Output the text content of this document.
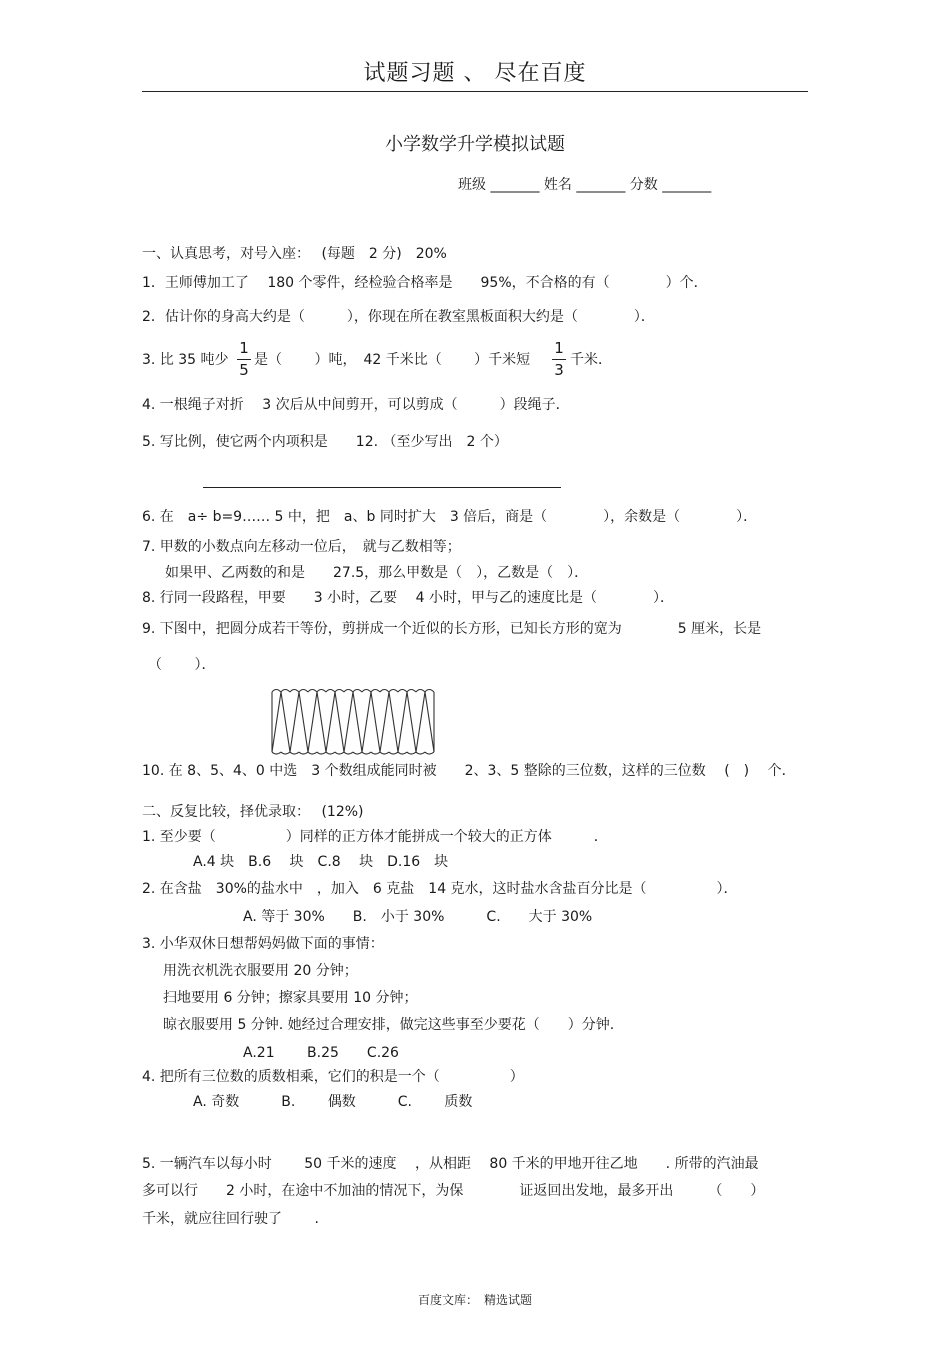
试题习题 、 尽在百度
小学数学升学模拟试题
班级 _______ 姓名 _______ 分数 _______
一、认真思考，对号入座：　 (每题　2 分)　20%
1．王师傅加工了　 180 个零件，经检验合格率是　　95%，不合格的有（　　　　）个．
2．估计你的身高大约是（　　　），你现在所在教室黑板面积大约是（　　　　）．
3. 比 35 吨少
1
5
是（　　 ）吨，　42 千米比（　　 ）千米短
1
3
千米．
4. 一根绳子对折　 3 次后从中间剪开，可以剪成（　　　）段绳子．
5. 写比例，使它两个内项积是　　12. （至少写出　2 个）
6. 在　a÷ b=9…… 5 中，把　a、b 同时扩大　3 倍后，商是（　　　　），余数是（　　　　）．
7. 甲数的小数点向左移动一位后，　就与乙数相等；
如果甲、乙两数的和是　　27.5，那么甲数是（　），乙数是（　）．
8. 行同一段路程，甲要　　3 小时，乙要　 4 小时，甲与乙的速度比是（　　　　）．
9. 下图中，把圆分成若干等份，剪拼成一个近似的长方形，已知长方形的宽为　　　　5 厘米，长是
（　　 ）．
10. 在 8、5、4、0 中选　3 个数组成能同时被　　2、3、5 整除的三位数，这样的三位数　 (　)　 个．
二、反复比较，择优录取：　 (12%)
1. 至少要（　　　　　）同样的正方体才能拼成一个较大的正方体　　　．
A.4 块　B.6　 块　C.8　 块　D.16　块
2. 在含盐　30%的盐水中　，加入　6 克盐　14 克水，这时盐水含盐百分比是（　　　　　）．
A. 等于 30%　　B.　小于 30%　　　C.　　大于 30%
3. 小华双休日想帮妈妈做下面的事情：
用洗衣机洗衣服要用 20 分钟；
扫地要用 6 分钟；擦家具要用 10 分钟；
晾衣服要用 5 分钟. 她经过合理安排，做完这些事至少要花（　　）分钟.
A.21　　 B.25　　C.26
4. 把所有三位数的质数相乘，它们的积是一个（　　　　　）
A. 奇数　　　B.　　 偶数　　　C.　　 质数
5. 一辆汽车以每小时　　 50 千米的速度　 ，从相距　 80 千米的甲地开往乙地　　. 所带的汽油最
多可以行　　2 小时，在途中不加油的情况下，为保　　　　证返回出发地，最多开出　　　（　　）
千米，就应往回行驶了　　 .
百度文库：　精选试题
